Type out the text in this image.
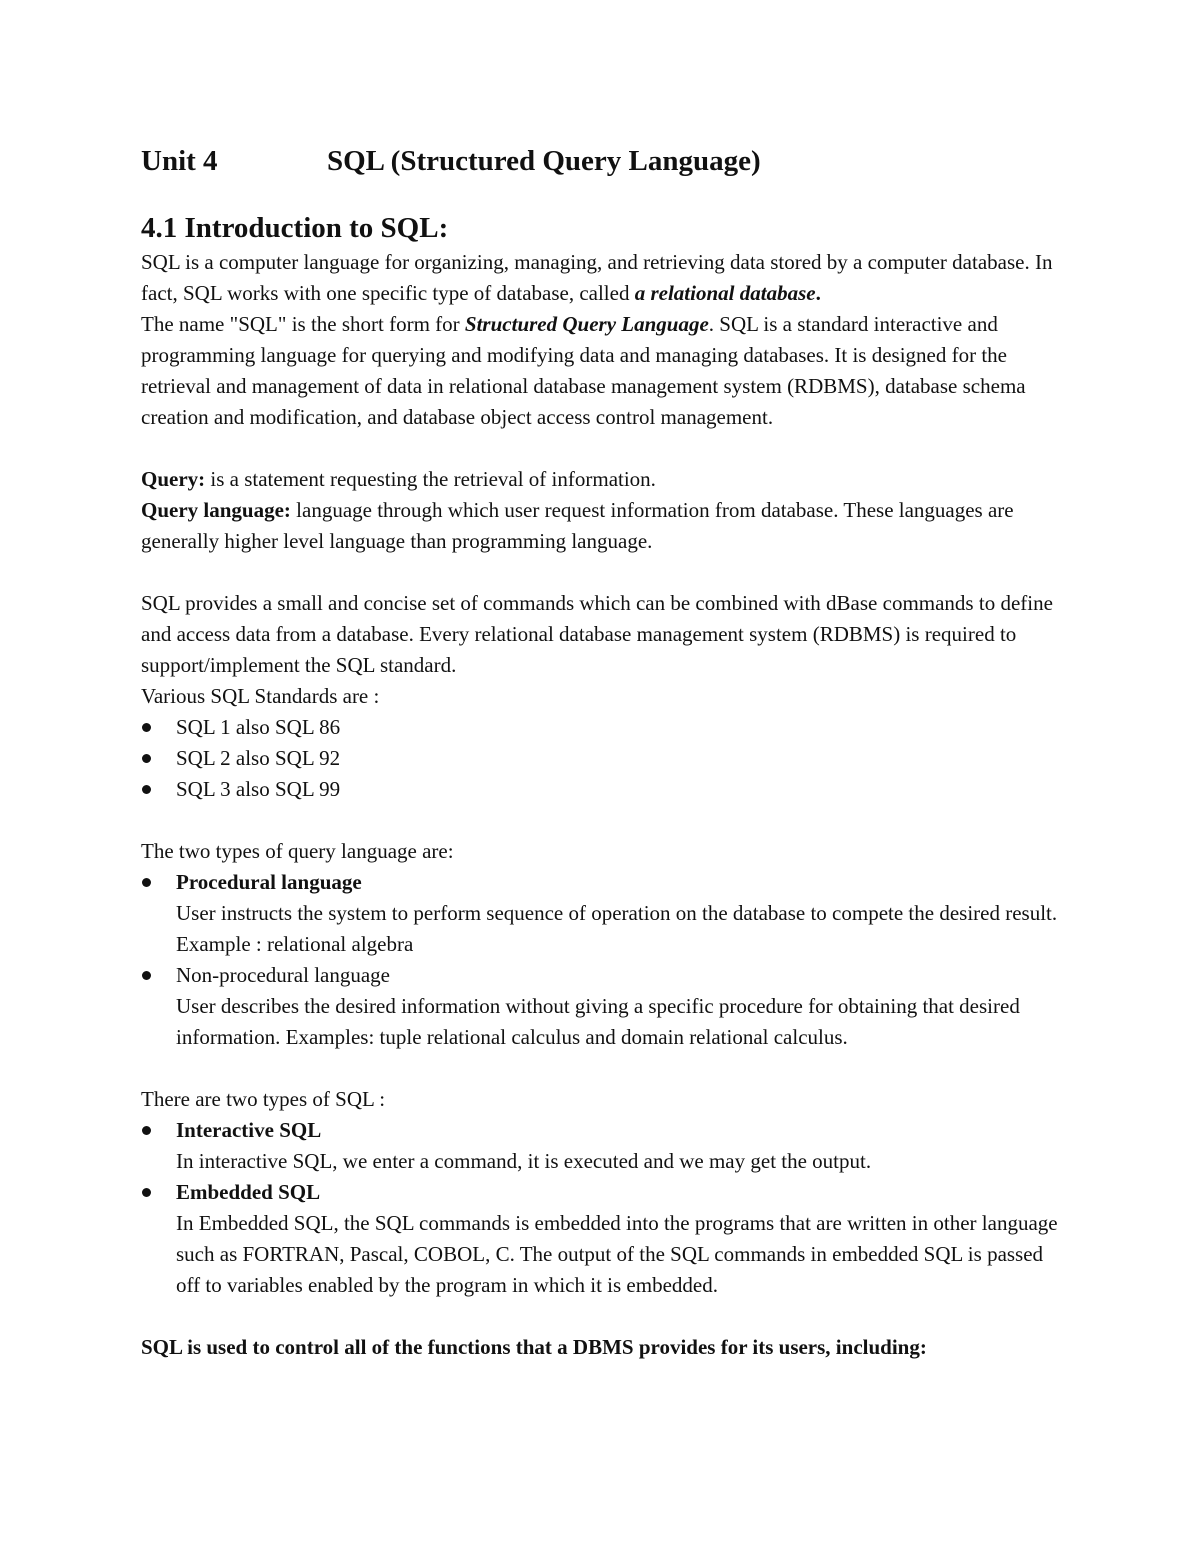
Unit 4	SQL (Structured Query Language)
4.1 Introduction to SQL:

SQL is a computer language for organizing, managing, and retrieving data stored by a computer database. In fact, SQL works with one specific type of database, called a relational database.
The name "SQL" is the short form for Structured Query Language. SQL is a standard interactive and programming language for querying and modifying data and managing databases. It is designed for the retrieval and management of data in relational database management system (RDBMS), database schema creation and modification, and database object access control management.

Query: is a statement requesting the retrieval of information.

Query language: language through which user request information from database. These languages are generally higher level language than programming language.

SQL provides a small and concise set of commands which can be combined with dBase commands to define and access data from a database. Every relational database management system (RDBMS) is required to support/implement the SQL standard.

Various SQL Standards are :

SQL 1 also SQL 86
SQL 2 also SQL 92
SQL 3 also SQL 99

The two types of query language are:

Procedural language
User instructs the system to perform sequence of operation on the database to compete the desired result. Example : relational algebra
Non-procedural language
User describes the desired information without giving a specific procedure for obtaining that desired information. Examples: tuple relational calculus and domain relational calculus.

There are two types of SQL :

Interactive SQL
In interactive SQL, we enter a command, it is executed and we may get the output.
Embedded SQL
In Embedded SQL, the SQL commands is embedded into the programs that are written in other language such as FORTRAN, Pascal, COBOL, C. The output of the SQL commands in embedded SQL is passed off to variables enabled by the program in which it is embedded.

SQL is used to control all of the functions that a DBMS provides for its users, including:
